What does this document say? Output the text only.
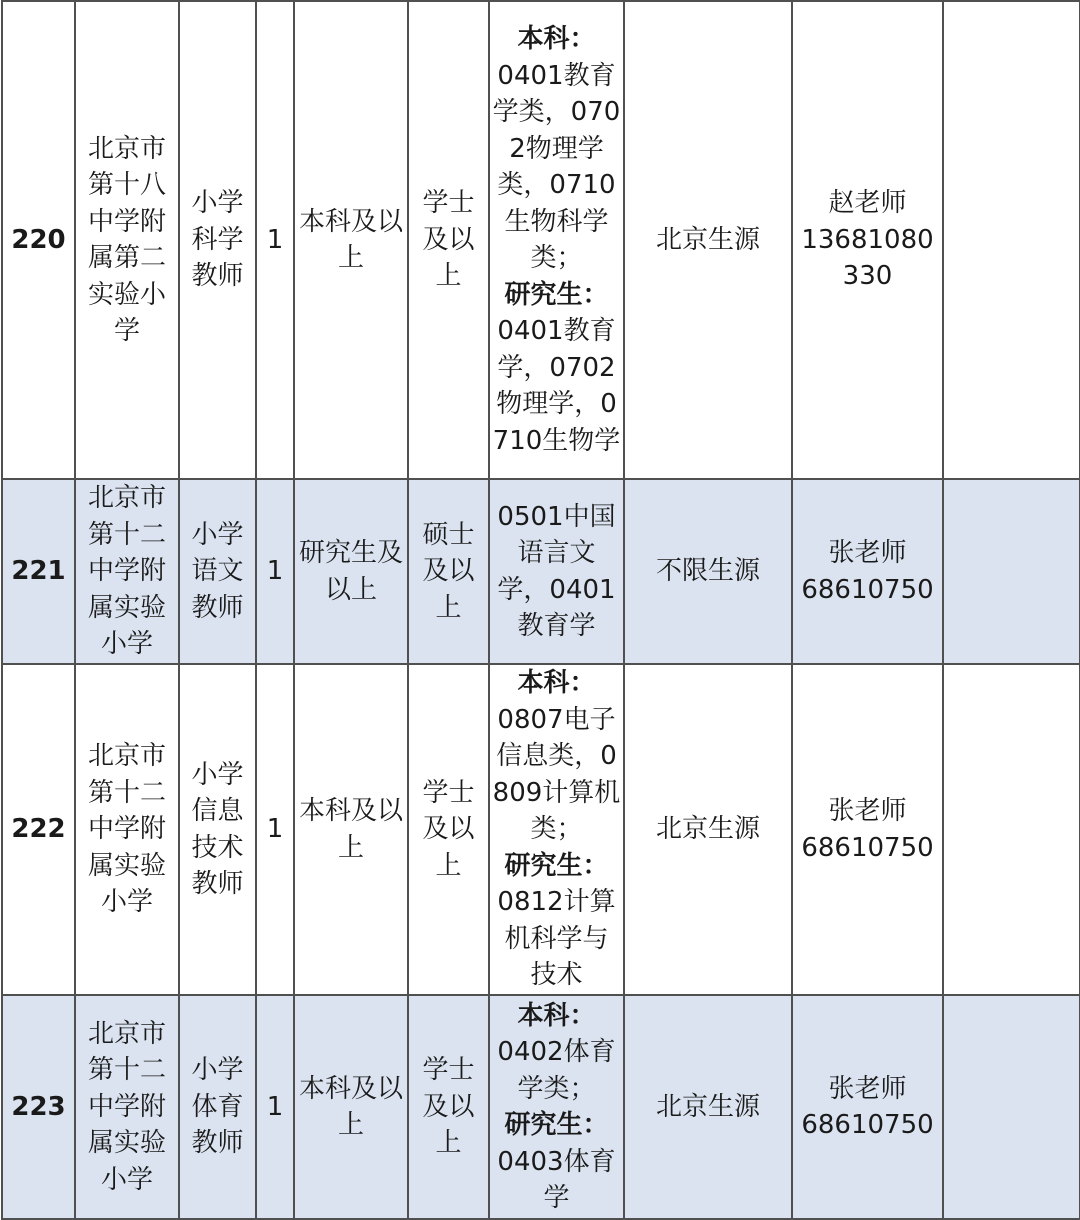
220	北京市第十八中学附属第二实验小学	小学科学教师	1	本科及以上	学士及以上	本科：
0401教育学类，0702物理学类，0710生物科学类；
研究生：
0401教育学，0702物理学，0710生物学	北京生源	赵老师
13681080330	

221	北京市第十二中学附属实验小学	小学语文教师	1	研究生及以上	硕士及以上	0501中国语言文学，0401教育学	不限生源	张老师
68610750	

222	北京市第十二中学附属实验小学	小学信息技术教师	1	本科及以上	学士及以上	本科：
0807电子信息类，0809计算机类；
研究生：
0812计算机科学与技术	北京生源	张老师
68610750	

223	北京市第十二中学附属实验小学	小学体育教师	1	本科及以上	学士及以上	本科：
0402体育学类；
研究生：
0403体育学	北京生源	张老师
68610750	
